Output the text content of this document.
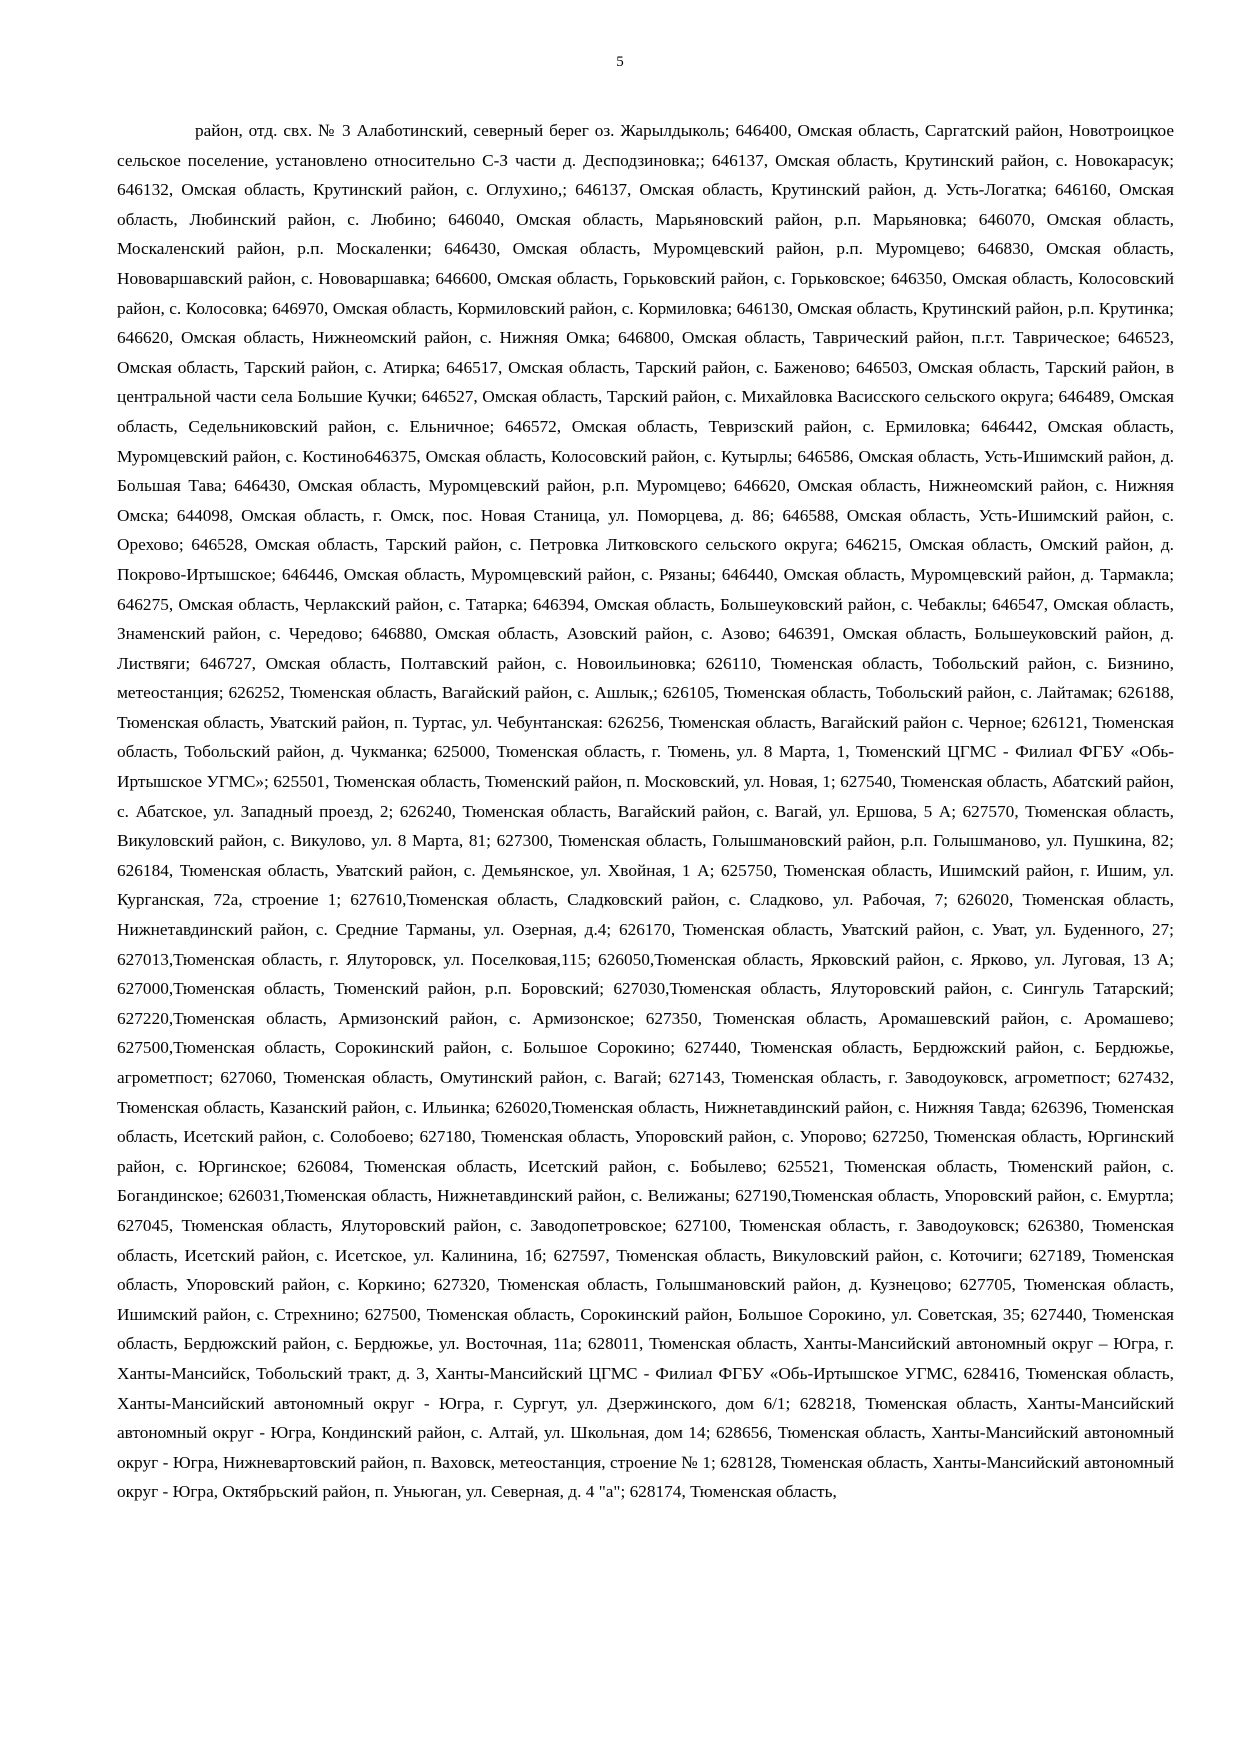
5

район, отд. свх. № 3 Алаботинский, северный берег оз. Жарылдыколь; 646400, Омская область, Саргатский район, Новотроицкое сельское поселение, установлено относительно С-З части д. Десподзиновка;; 646137, Омская область, Крутинский район, с. Новокарасук; 646132, Омская область, Крутинский район, с. Оглухино,; 646137, Омская область, Крутинский район, д. Усть-Логатка; 646160, Омская область, Любинский район, с. Любино; 646040, Омская область, Марьяновский район, р.п. Марьяновка; 646070, Омская область, Москаленский район, р.п. Москаленки; 646430, Омская область, Муромцевский район, р.п. Муромцево; 646830, Омская область, Нововаршавский район, с. Нововаршавка; 646600, Омская область, Горьковский район, с. Горьковское; 646350, Омская область, Колосовский район, с. Колосовка; 646970, Омская область, Кормиловский район, с. Кормиловка; 646130, Омская область, Крутинский район, р.п. Крутинка; 646620, Омская область, Нижнеомский район, с. Нижняя Омка; 646800, Омская область, Таврический район, п.г.т. Таврическое; 646523, Омская область, Тарский район, с. Атирка; 646517, Омская область, Тарский район, с. Баженово; 646503, Омская область, Тарский район, в центральной части села Большие Кучки; 646527, Омская область, Тарский район, с. Михайловка Васисского сельского округа; 646489, Омская область, Седельниковский район, с. Ельничное; 646572, Омская область, Тевризский район, с. Ермиловка; 646442, Омская область, Муромцевский район, с. Костино646375, Омская область, Колосовский район, с. Кутырлы; 646586, Омская область, Усть-Ишимский район, д. Большая Тава; 646430, Омская область, Муромцевский район, р.п. Муромцево; 646620, Омская область, Нижнеомский район, с. Нижняя Омска; 644098, Омская область, г. Омск, пос. Новая Станица, ул. Поморцева, д. 86; 646588, Омская область, Усть-Ишимский район, с. Орехово; 646528, Омская область, Тарский район, с. Петровка Литковского сельского округа; 646215, Омская область, Омский район, д. Покрово-Иртышское; 646446, Омская область, Муромцевский район, с. Рязаны; 646440, Омская область, Муромцевский район, д. Тармакла; 646275, Омская область, Черлакский район, с. Татарка; 646394, Омская область, Большеуковский район, с. Чебаклы; 646547, Омская область, Знаменский район, с. Чередово; 646880, Омская область, Азовский район, с. Азово; 646391, Омская область, Большеуковский район, д. Листвяги; 646727, Омская область, Полтавский район, с. Новоильиновка; 626110, Тюменская область, Тобольский район, с. Бизнино, метеостанция; 626252, Тюменская область, Вагайский район, с. Ашлык,; 626105, Тюменская область, Тобольский район, с. Лайтамак; 626188, Тюменская область, Уватский район, п. Туртас, ул. Чебунтанская: 626256, Тюменская область, Вагайский район с. Черное; 626121, Тюменская область, Тобольский район, д. Чукманка; 625000, Тюменская область, г. Тюмень, ул. 8 Марта, 1, Тюменский ЦГМС - Филиал ФГБУ «Обь-Иртышское УГМС»; 625501, Тюменская область, Тюменский район, п. Московский, ул. Новая, 1; 627540, Тюменская область, Абатский район, с. Абатское, ул. Западный проезд, 2; 626240, Тюменская область, Вагайский район, с. Вагай, ул. Ершова, 5 А; 627570, Тюменская область, Викуловский район, с. Викулово, ул. 8 Марта, 81; 627300, Тюменская область, Голышмановский район, р.п. Голышманово, ул. Пушкина, 82; 626184, Тюменская область, Уватский район, с. Демьянское, ул. Хвойная, 1 А; 625750, Тюменская область, Ишимский район, г. Ишим, ул. Курганская, 72а, строение 1; 627610,Тюменская область, Сладковский район, с. Сладково, ул. Рабочая, 7; 626020, Тюменская область, Нижнетавдинский район, с. Средние Тарманы, ул. Озерная, д.4; 626170, Тюменская область, Уватский район, с. Уват, ул. Буденного, 27; 627013,Тюменская область, г. Ялуторовск, ул. Поселковая,115; 626050,Тюменская область, Ярковский район, с. Ярково, ул. Луговая, 13 А; 627000,Тюменская область, Тюменский район, р.п. Боровский; 627030,Тюменская область, Ялуторовский район, с. Сингуль Татарский; 627220,Тюменская область, Армизонский район, с. Армизонское; 627350, Тюменская область, Аромашевский район, с. Аромашево; 627500,Тюменская область, Сорокинский район, с. Большое Сорокино; 627440, Тюменская область, Бердюжский район, с. Бердюжье, агрометпост; 627060, Тюменская область, Омутинский район, с. Вагай; 627143, Тюменская область, г. Заводоуковск, агрометпост; 627432, Тюменская область, Казанский район, с. Ильинка; 626020,Тюменская область, Нижнетавдинский район, с. Нижняя Тавда; 626396, Тюменская область, Исетский район, с. Солобоево; 627180, Тюменская область, Упоровский район, с. Упорово; 627250, Тюменская область, Юргинский район, с. Юргинское; 626084, Тюменская область, Исетский район, с. Бобылево; 625521, Тюменская область, Тюменский район, с. Богандинское; 626031,Тюменская область, Нижнетавдинский район, с. Велижаны; 627190,Тюменская область, Упоровский район, с. Емуртла; 627045, Тюменская область, Ялуторовский район, с. Заводопетровское; 627100, Тюменская область, г. Заводоуковск; 626380, Тюменская область, Исетский район, с. Исетское, ул. Калинина, 1б; 627597, Тюменская область, Викуловский район, с. Коточиги; 627189, Тюменская область, Упоровский район, с. Коркино; 627320, Тюменская область, Голышмановский район, д. Кузнецово; 627705, Тюменская область, Ишимский район, с. Стрехнино; 627500, Тюменская область, Сорокинский район, Большое Сорокино, ул. Советская, 35; 627440, Тюменская область, Бердюжский район, с. Бердюжье, ул. Восточная, 11а; 628011, Тюменская область, Ханты-Мансийский автономный округ – Югра, г. Ханты-Мансийск, Тобольский тракт, д. 3, Ханты-Мансийский ЦГМС - Филиал ФГБУ «Обь-Иртышское УГМС, 628416, Тюменская область, Ханты-Мансийский автономный округ - Югра, г. Сургут, ул. Дзержинского, дом 6/1; 628218, Тюменская область, Ханты-Мансийский автономный округ - Югра, Кондинский район, с. Алтай, ул. Школьная, дом 14; 628656, Тюменская область, Ханты-Мансийский автономный округ - Югра, Нижневартовский район, п. Ваховск, метеостанция, строение № 1; 628128, Тюменская область, Ханты-Мансийский автономный округ - Югра, Октябрьский район, п. Уньюган, ул. Северная, д. 4 "а"; 628174, Тюменская область,
